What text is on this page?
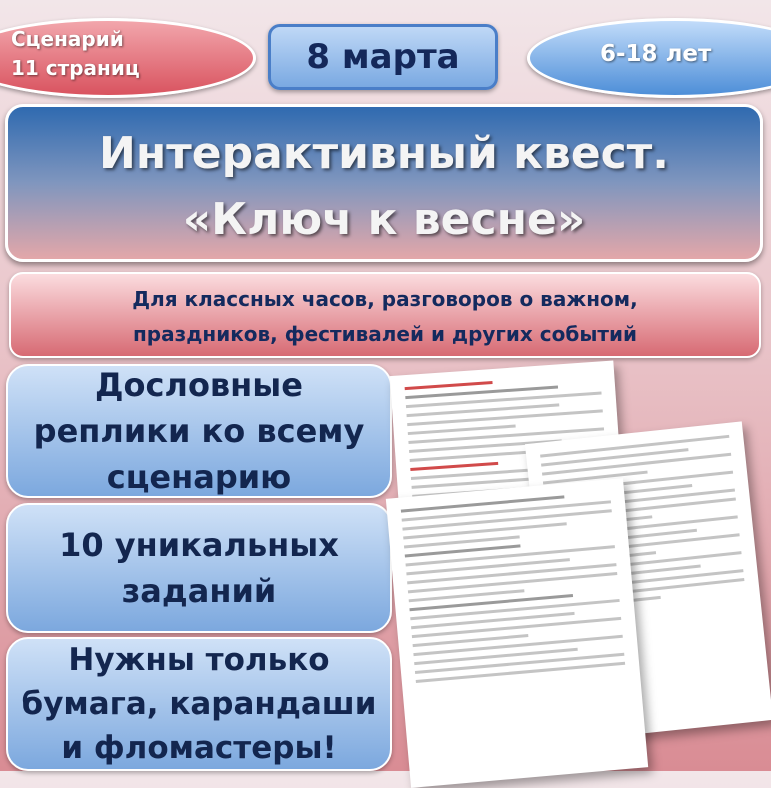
Сценарий
11 страниц	8 марта	6-18 лет
Интерактивный квест.
«Ключ к весне»
Для классных часов, разговоров о важном,
праздников, фестивалей и других событий
Дословные
реплики ко всему
сценарию
10 уникальных
заданий
Нужны только
бумага, карандаши
и фломастеры!
